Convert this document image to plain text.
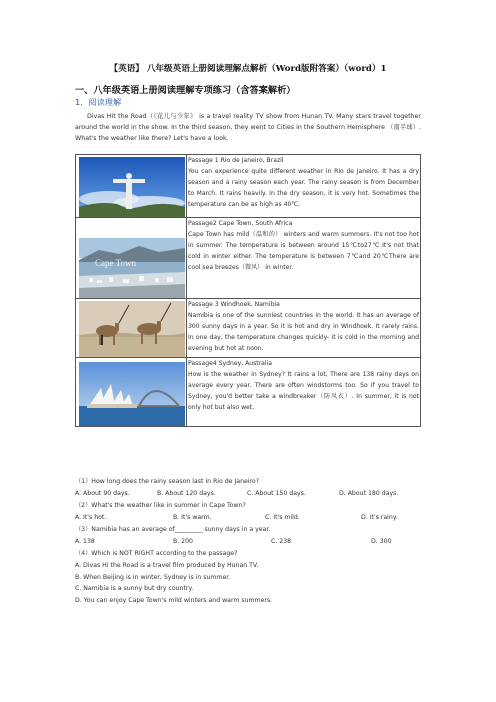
【英语】 八年级英语上册阅读理解点解析（Word版附答案）（word）1
一、八年级英语上册阅读理解专项练习（含答案解析）
1．阅读理解
Divas Hit the Road（《花儿与少年》 is a travel reality TV show from Hunan TV. Many stars travel together around the world in the show. In the third season, they went to Cities in the Southern Hemisphere （南半球）. What's the weather like there? Let's have a look.

Passage 1 Rio de Janeiro, Brazil
You can experience quite different weather in Rio de Janeiro. It has a dry season and a rainy season each year. The rainy season is from December to March. It rains heavily. In the dry season, it is very hot. Sometimes the temperature can be as high as 40℃.

Cape Town	Passage2 Cape Town, South Africa
Cape Town has mild（温和的） winters and warm summers. It's not too hot in summer. The temperature is between around 15℃to27℃.It's not that cold in winter either. The temperature is between 7℃and 20℃There are cool sea breezes（微风） in winter.

Passage 3 Windhoek, Namibia
Namibia is one of the sunniest countries in the world. It has an average of 300 sunny days in a year. So it is hot and dry in Windhoek. It rarely rains. In one day, the temperature changes quickly- it is cold in the morning and evening but hot at noon.

Passage4 Sydney, Australia
How is the weather in Sydney? It rains a lot, There are 138 rainy days on average every year. There are often windstorms too. So if you travel to Sydney, you'd better take a windbreaker（防风衣）. In summer, it is not only hot but also wet.
（1）How long does the rainy season last in Rio de Janeiro?
A. About 90 days.	B. About 120 days.	C. About 150 days.	D. About 180 days.
（2）What's the weather like in summer in Cape Town?
A. It's hot.	B. It's warm.	C. It's mild.	D. It's rainy.
（3）Namibia has an average of_________ sunny days in a year.
A. 138	B. 200	C. 238	D. 300
（4）Which is NOT RIGHT according to the passage?
A. Divas Hi the Road is a travel film produced by Hunan TV.
B. When Beijing is in winter, Sydney is in summer.
C. Namibia is a sunny but dry country.
D. You can enjoy Cape Town's mild winters and warm summers.
